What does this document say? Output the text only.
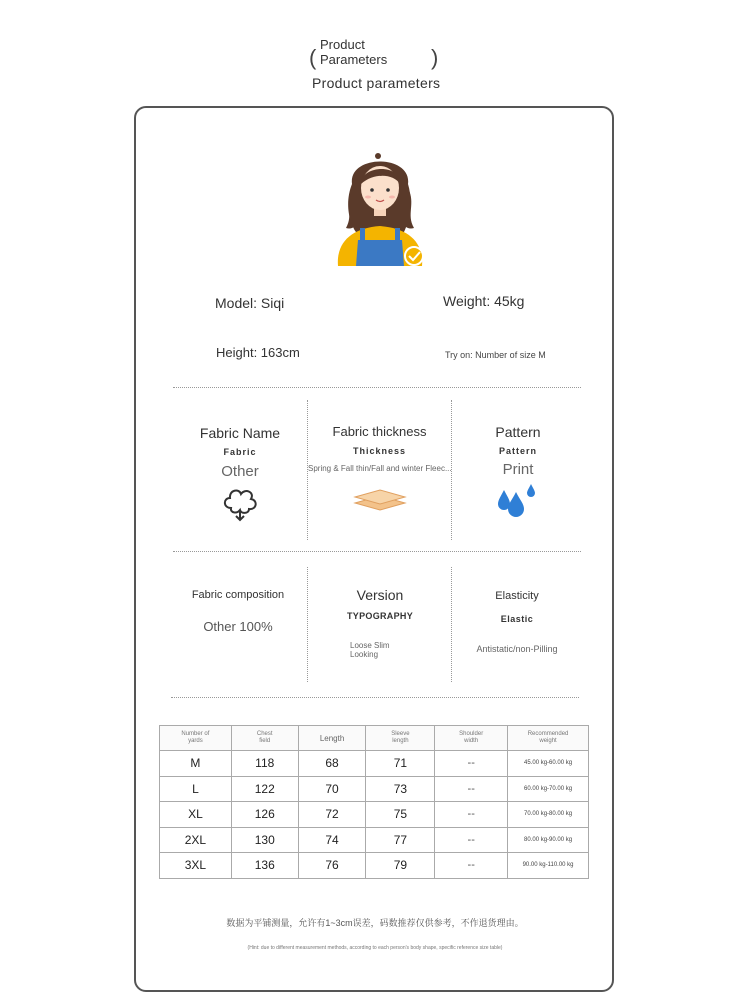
(
Product
Parameters )
Product parameters
Model: Siqi	Weight: 45kg
Height: 163cm	Try on: Number of size M
Fabric Name
Fabric
Other
Fabric thickness
Thickness
Spring & Fall thin/Fall and winter Fleec...
Pattern
Pattern
Print
Fabric composition
Other 100%
Version
TYPOGRAPHY
Loose Slim
Looking
Elasticity
Elastic
Antistatic/non-Pilling
Number of yards	Chest field	Length	Sleeve length	Shoulder width	Recommended weight

M	118	68	71	--	45.00 kg-60.00 kg
L	122	70	73	--	60.00 kg-70.00 kg
XL	126	72	75	--	70.00 kg-80.00 kg
2XL	130	74	77	--	80.00 kg-90.00 kg
3XL	136	76	79	--	90.00 kg-110.00 kg
数据为平铺测量，允许有1~3cm误差，码数推荐仅供参考，不作退货理由。
(Hint: due to different measurement methods, according to each person's body shape, specific reference size table)
